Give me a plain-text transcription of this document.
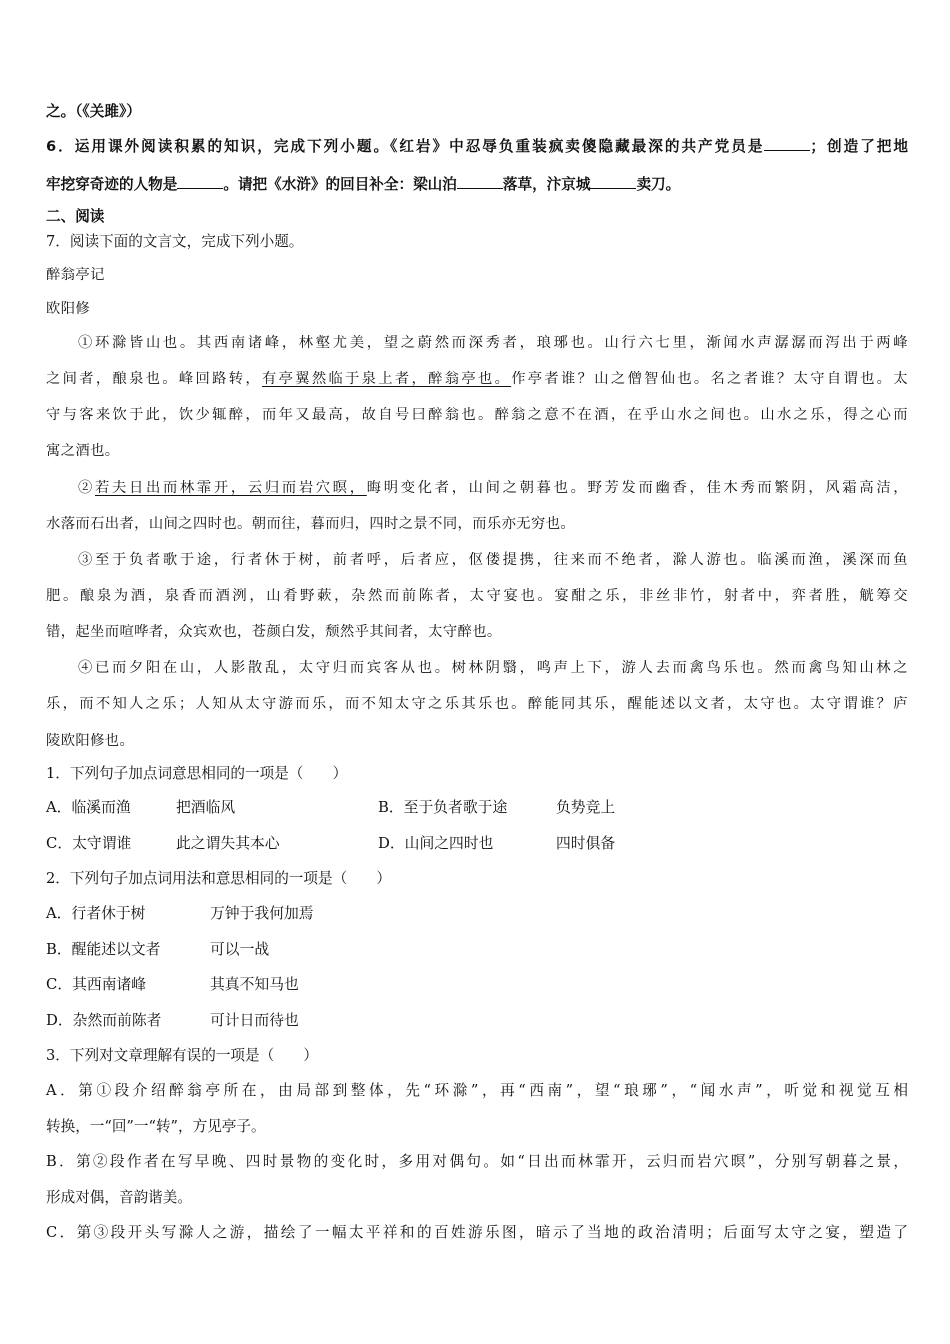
之。（《关雎》）
6．运用课外阅读积累的知识，完成下列小题。《红岩》中忍辱负重装疯卖傻隐藏最深的共产党员是	；创造了把地
牢挖穿奇迹的人物是	。请把《水浒》的回目补全：梁山泊	落草，汴京城	卖刀。
二、阅读
7．阅读下面的文言文，完成下列小题。
醉翁亭记
欧阳修
①环滁皆山也。其西南诸峰，林壑尤美，望之蔚然而深秀者，琅琊也。山行六七里，渐闻水声潺潺而泻出于两峰
之间者，酿泉也。峰回路转，有亭翼然临于泉上者，醉翁亭也。作亭者谁？山之僧智仙也。名之者谁？太守自谓也。太
守与客来饮于此，饮少辄醉，而年又最高，故自号曰醉翁也。醉翁之意不在酒，在乎山水之间也。山水之乐，得之心而
寓之酒也。
②若夫日出而林霏开，云归而岩穴暝，晦明变化者，山间之朝暮也。野芳发而幽香，佳木秀而繁阴，风霜高洁，
水落而石出者，山间之四时也。朝而往，暮而归，四时之景不同，而乐亦无穷也。
③至于负者歌于途，行者休于树，前者呼，后者应，伛偻提携，往来而不绝者，滁人游也。临溪而渔，溪深而鱼
肥。酿泉为酒，泉香而酒洌，山肴野蔌，杂然而前陈者，太守宴也。宴酣之乐，非丝非竹，射者中，弈者胜，觥筹交
错，起坐而喧哗者，众宾欢也，苍颜白发，颓然乎其间者，太守醉也。
④已而夕阳在山，人影散乱，太守归而宾客从也。树林阴翳，鸣声上下，游人去而禽鸟乐也。然而禽鸟知山林之
乐，而不知人之乐；人知从太守游而乐，而不知太守之乐其乐也。醉能同其乐，醒能述以文者，太守也。太守谓谁？庐
陵欧阳修也。
1．下列句子加点词意思相同的一项是（　　）
A．临溪而渔	把酒临风	B．至于负者歌于途	负势竞上
C．太守谓谁	此之谓失其本心	D．山间之四时也	四时俱备
2．下列句子加点词用法和意思相同的一项是（　　）
A．行者休于树	万钟于我何加焉
B．醒能述以文者	可以一战
C．其西南诸峰	其真不知马也
D．杂然而前陈者	可计日而待也
3．下列对文章理解有误的一项是（　　）
A．第①段介绍醉翁亭所在，由局部到整体，先“环滁”，再“西南”，望“琅琊”，“闻水声”，听觉和视觉互相
转换，一“回”一“转”，方见亭子。
B．第②段作者在写早晚、四时景物的变化时，多用对偶句。如“日出而林霏开，云归而岩穴暝”，分别写朝暮之景，
形成对偶，音韵谐美。
C．第③段开头写滁人之游，描绘了一幅太平祥和的百姓游乐图，暗示了当地的政治清明；后面写太守之宴，塑造了
